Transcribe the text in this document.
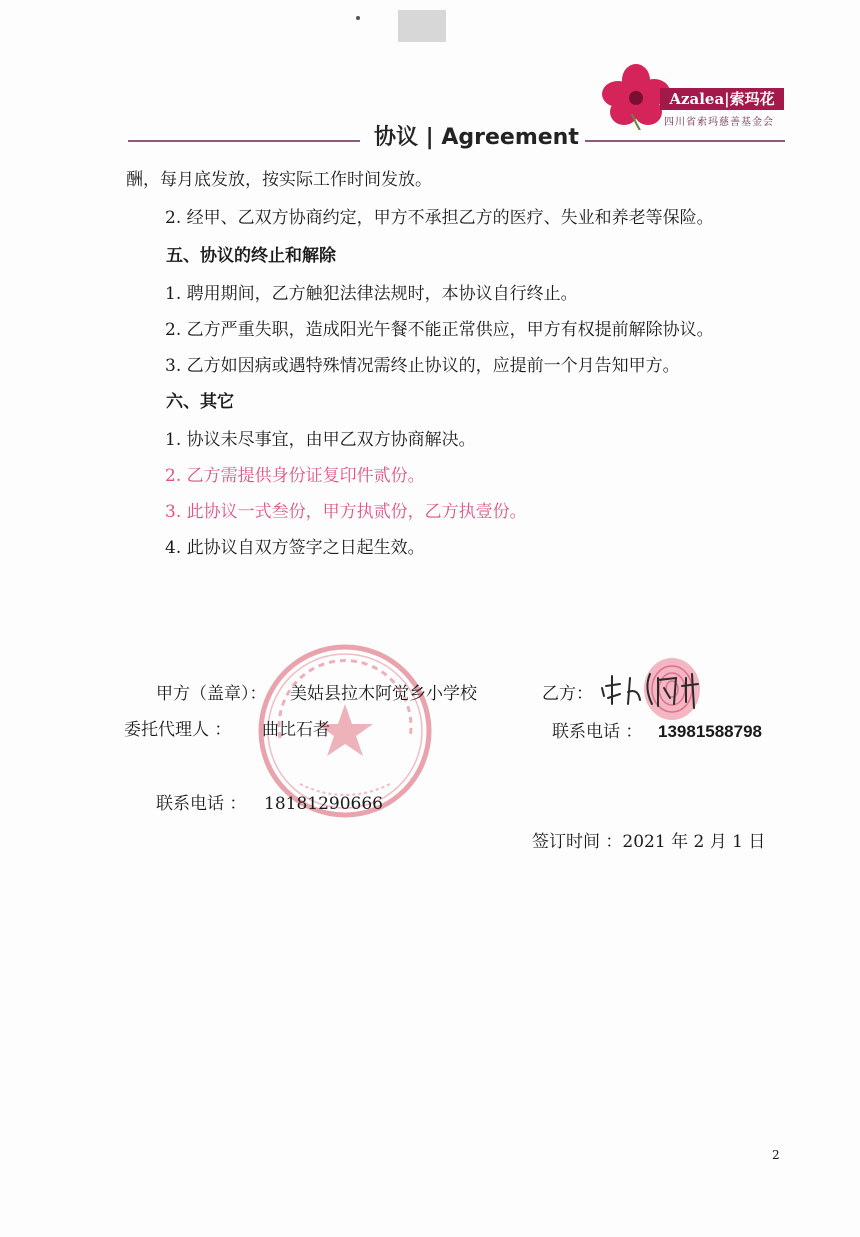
协议 | Agreement
Azalea|索玛花
四川省索玛慈善基金会
酬，每月底发放，按实际工作时间发放。
2. 经甲、乙双方协商约定，甲方不承担乙方的医疗、失业和养老等保险。
五、协议的终止和解除
1. 聘用期间，乙方触犯法律法规时，本协议自行终止。
2. 乙方严重失职，造成阳光午餐不能正常供应，甲方有权提前解除协议。
3. 乙方如因病或遇特殊情况需终止协议的，应提前一个月告知甲方。
六、其它
1. 协议未尽事宜，由甲乙双方协商解决。
2. 乙方需提供身份证复印件贰份。
3. 此协议一式叁份，甲方执贰份，乙方执壹份。
4. 此协议自双方签字之日起生效。
甲方（盖章）： 美姑县拉木阿觉乡小学校
委托代理人 ： 曲比石者
联系电话 ： 18181290666
乙方：
联系电话 ： 13981588798
签订时间 ：2021 年 2 月 1 日
2
